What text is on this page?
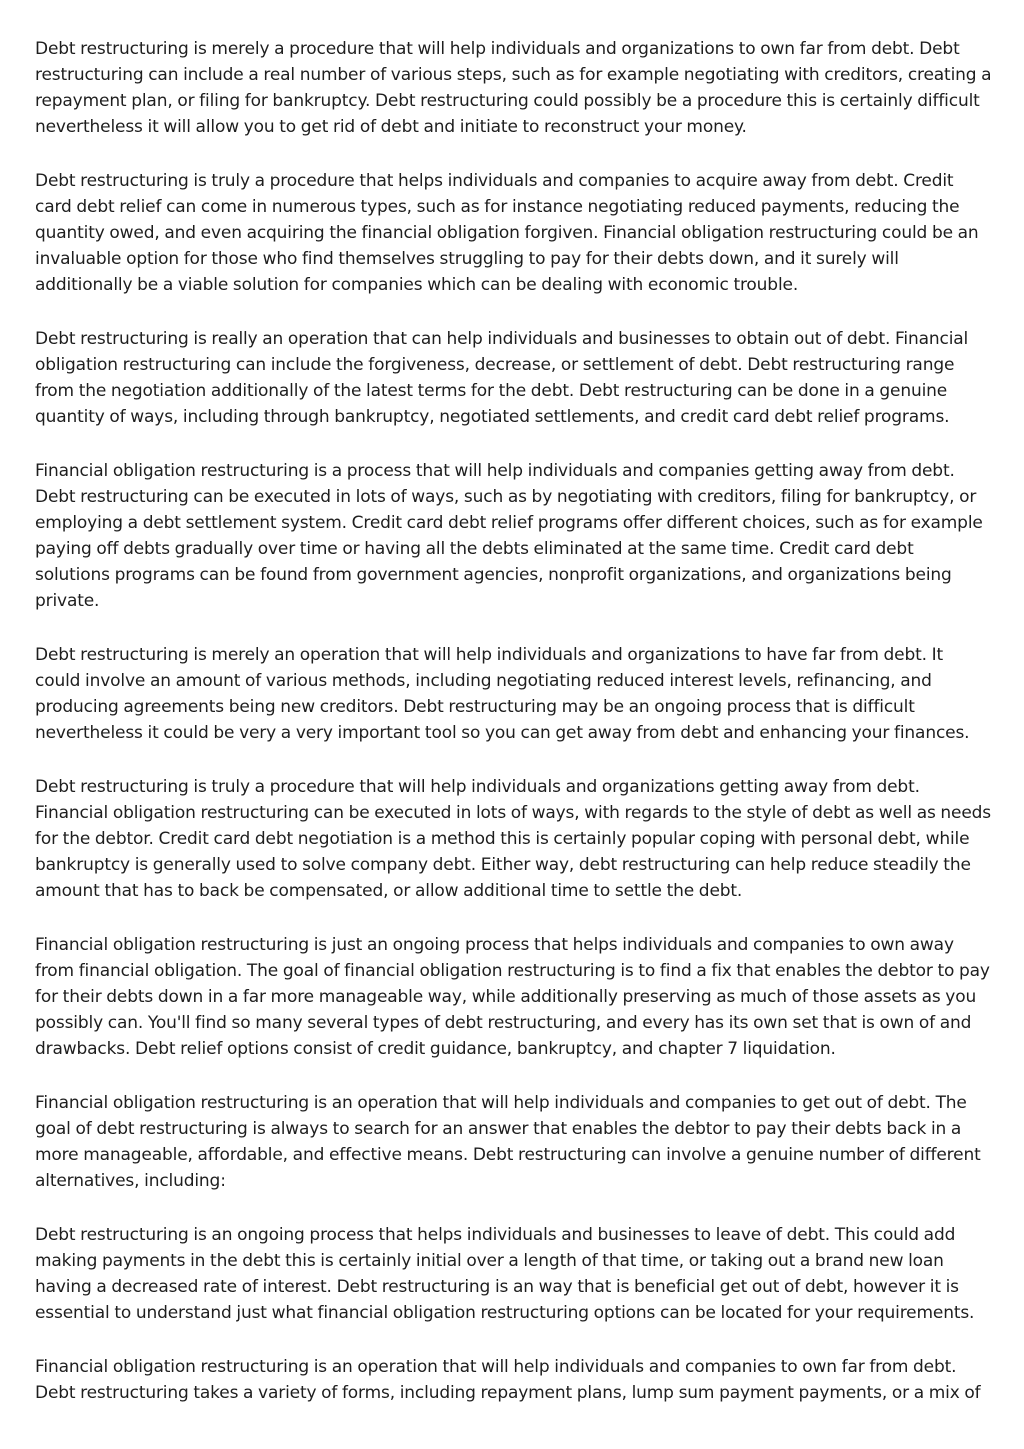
Debt restructuring is merely a procedure that will help individuals and organizations to own far from debt. Debt restructuring can include a real number of various steps, such as for example negotiating with creditors, creating a repayment plan, or filing for bankruptcy. Debt restructuring could possibly be a procedure this is certainly difficult nevertheless it will allow you to get rid of debt and initiate to reconstruct your money.

Debt restructuring is truly a procedure that helps individuals and companies to acquire away from debt. Credit card debt relief can come in numerous types, such as for instance negotiating reduced payments, reducing the quantity owed, and even acquiring the financial obligation forgiven. Financial obligation restructuring could be an invaluable option for those who find themselves struggling to pay for their debts down, and it surely will additionally be a viable solution for companies which can be dealing with economic trouble.

Debt restructuring is really an operation that can help individuals and businesses to obtain out of debt. Financial obligation restructuring can include the forgiveness, decrease, or settlement of debt. Debt restructuring range from the negotiation additionally of the latest terms for the debt. Debt restructuring can be done in a genuine quantity of ways, including through bankruptcy, negotiated settlements, and credit card debt relief programs.

Financial obligation restructuring is a process that will help individuals and companies getting away from debt. Debt restructuring can be executed in lots of ways, such as by negotiating with creditors, filing for bankruptcy, or employing a debt settlement system. Credit card debt relief programs offer different choices, such as for example paying off debts gradually over time or having all the debts eliminated at the same time. Credit card debt solutions programs can be found from government agencies, nonprofit organizations, and organizations being private.

Debt restructuring is merely an operation that will help individuals and organizations to have far from debt. It could involve an amount of various methods, including negotiating reduced interest levels, refinancing, and producing agreements being new creditors. Debt restructuring may be an ongoing process that is difficult nevertheless it could be very a very important tool so you can get away from debt and enhancing your finances.

Debt restructuring is truly a procedure that will help individuals and organizations getting away from debt. Financial obligation restructuring can be executed in lots of ways, with regards to the style of debt as well as needs for the debtor. Credit card debt negotiation is a method this is certainly popular coping with personal debt, while bankruptcy is generally used to solve company debt. Either way, debt restructuring can help reduce steadily the amount that has to back be compensated, or allow additional time to settle the debt.

Financial obligation restructuring is just an ongoing process that helps individuals and companies to own away from financial obligation. The goal of financial obligation restructuring is to find a fix that enables the debtor to pay for their debts down in a far more manageable way, while additionally preserving as much of those assets as you possibly can. You'll find so many several types of debt restructuring, and every has its own set that is own of and drawbacks. Debt relief options consist of credit guidance, bankruptcy, and chapter 7 liquidation.

Financial obligation restructuring is an operation that will help individuals and companies to get out of debt. The goal of debt restructuring is always to search for an answer that enables the debtor to pay their debts back in a more manageable, affordable, and effective means. Debt restructuring can involve a genuine number of different alternatives, including:

Debt restructuring is an ongoing process that helps individuals and businesses to leave of debt. This could add making payments in the debt this is certainly initial over a length of that time, or taking out a brand new loan having a decreased rate of interest. Debt restructuring is an way that is beneficial get out of debt, however it is essential to understand just what financial obligation restructuring options can be located for your requirements.

Financial obligation restructuring is an operation that will help individuals and companies to own far from debt. Debt restructuring takes a variety of forms, including repayment plans, lump sum payment payments, or a mix of
